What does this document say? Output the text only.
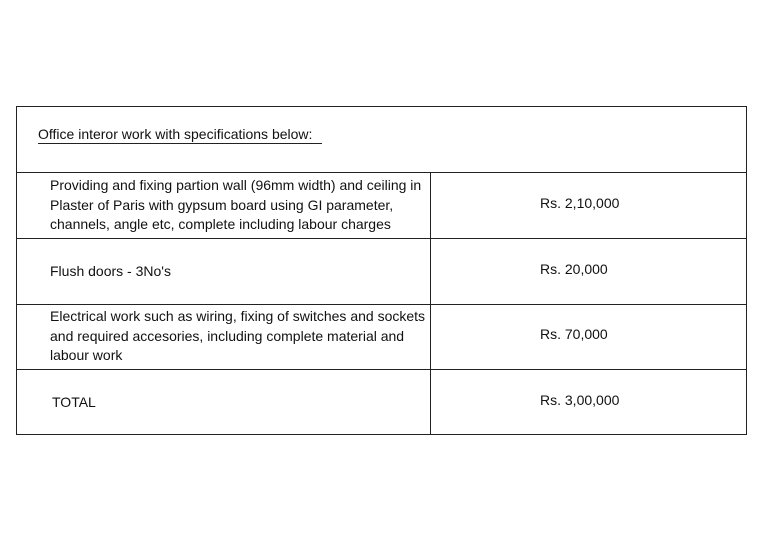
Office interor work with specifications below:
Providing and fixing partion wall (96mm width) and ceiling in Plaster of Paris with gypsum board using GI parameter, channels, angle etc, complete including labour charges
Rs. 2,10,000
Flush doors - 3No's	Rs. 20,000
Electrical work such as wiring, fixing of switches and sockets and required accesories, including complete material and labour work
Rs. 70,000
TOTAL	Rs. 3,00,000
